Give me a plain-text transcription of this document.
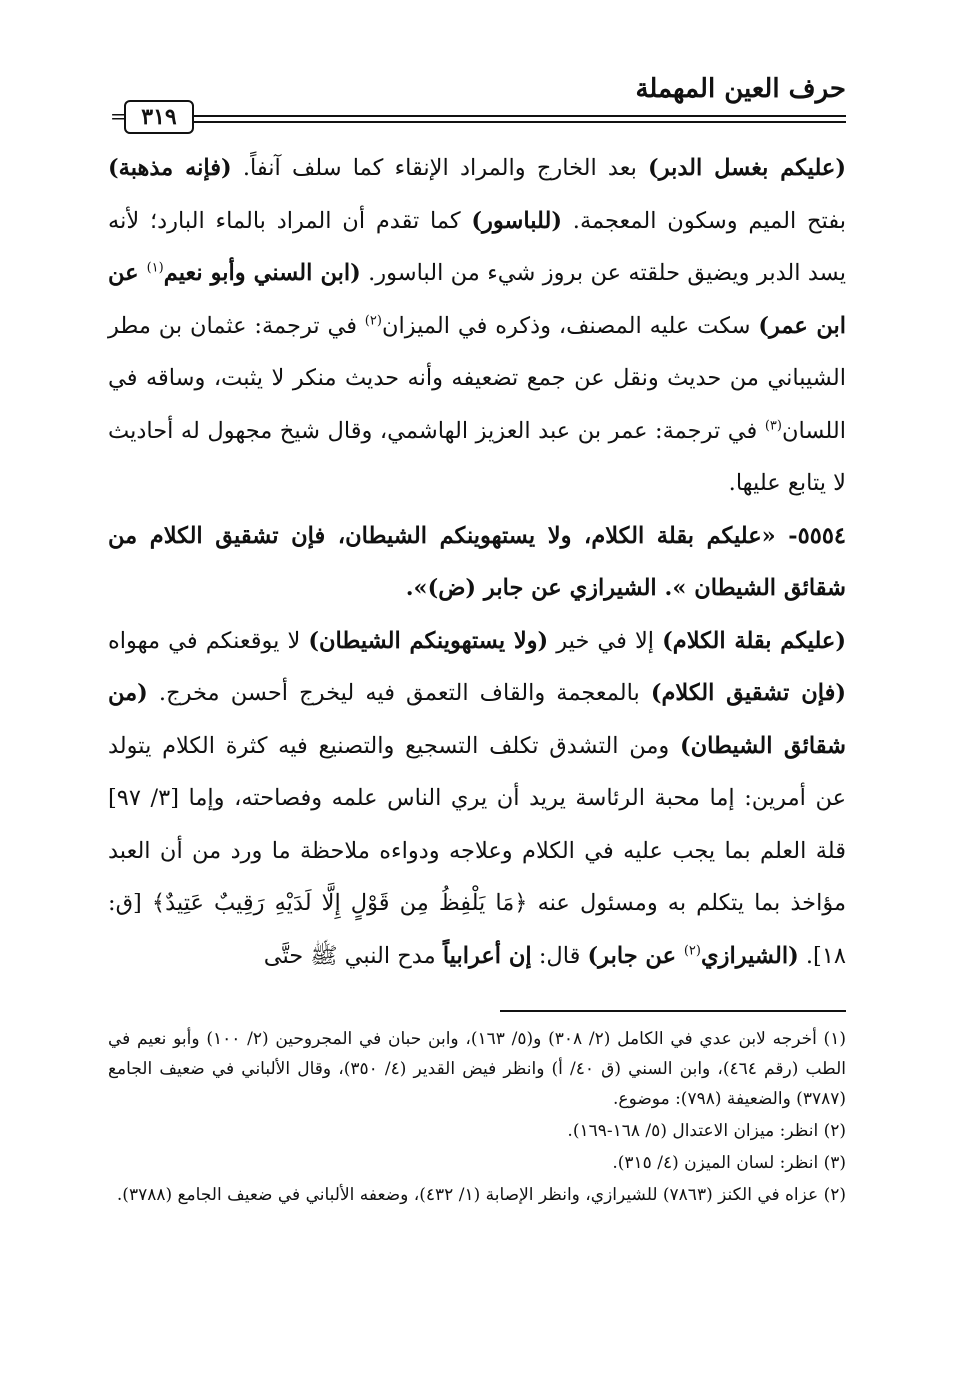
حرف العين المهملة
٣١٩
=

(عليكم بغسل الدبر) بعد الخارج والمراد الإنقاء كما سلف آنفاً. (فإنه مذهبة) بفتح الميم وسكون المعجمة. (للباسور) كما تقدم أن المراد بالماء البارد؛ لأنه يسد الدبر ويضيق حلقته عن بروز شيء من الباسور. (ابن السني وأبو نعيم$^{(١)}$ عن ابن عمر) سكت عليه المصنف، وذكره في الميزان$^{(٢)}$ في ترجمة: عثمان بن مطر الشيباني من حديث ونقل عن جمع تضعيفه وأنه حديث منكر لا يثبت، وساقه في اللسان$^{(٣)}$ في ترجمة: عمر بن عبد العزيز الهاشمي، وقال شيخ مجهول له أحاديث لا يتابع عليها.

٥٥٥٤- «عليكم بقلة الكلام، ولا يستهوينكم الشيطان، فإن تشقيق الكلام من شقائق الشيطان ». الشيرازي عن جابر (ض)».

(عليكم بقلة الكلام) إلا في خير (ولا يستهوينكم الشيطان) لا يوقعنكم في مهواه (فإن تشقيق الكلام) بالمعجمة والقاف التعمق فيه ليخرج أحسن مخرج. (من شقائق الشيطان) ومن التشدق تكلف التسجيع والتصنيع فيه كثرة الكلام يتولد عن أمرين: إما محبة الرئاسة يريد أن يري الناس علمه وفصاحته، وإما [٣/ ٩٧] قلة العلم بما يجب عليه في الكلام وعلاجه ودواءه ملاحظة ما ورد من أن العبد مؤاخذ بما يتكلم به ومسئول عنه ﴿مَا يَلْفِظُ مِن قَوْلٍ إِلَّا لَدَيْهِ رَقِيبٌ عَتِيدٌ﴾ [ق: ١٨]. (الشيرازي$^{(٢)}$ عن جابر) قال: إن أعرابياً مدح النبي ﷺ حتَّى

(١) أخرجه لابن عدي في الكامل (٢/ ٣٠٨) و(٥/ ١٦٣)، وابن حبان في المجروحين (٢/ ١٠٠) وأبو نعيم في الطب (رقم ٤٦٤)، وابن السني (ق ٤٠/ أ) وانظر فيض القدير (٤/ ٣٥٠)، وقال الألباني في ضعيف الجامع (٣٧٨٧) والضعيفة (٧٩٨): موضوع.

(٢) انظر: ميزان الاعتدال (٥/ ١٦٨-١٦٩).

(٣) انظر: لسان الميزن (٤/ ٣١٥).

(٢) عزاه في الكنز (٧٨٦٣) للشيرازي، وانظر الإصابة (١/ ٤٣٢)، وضعفه الألباني في ضعيف الجامع (٣٧٨٨).
